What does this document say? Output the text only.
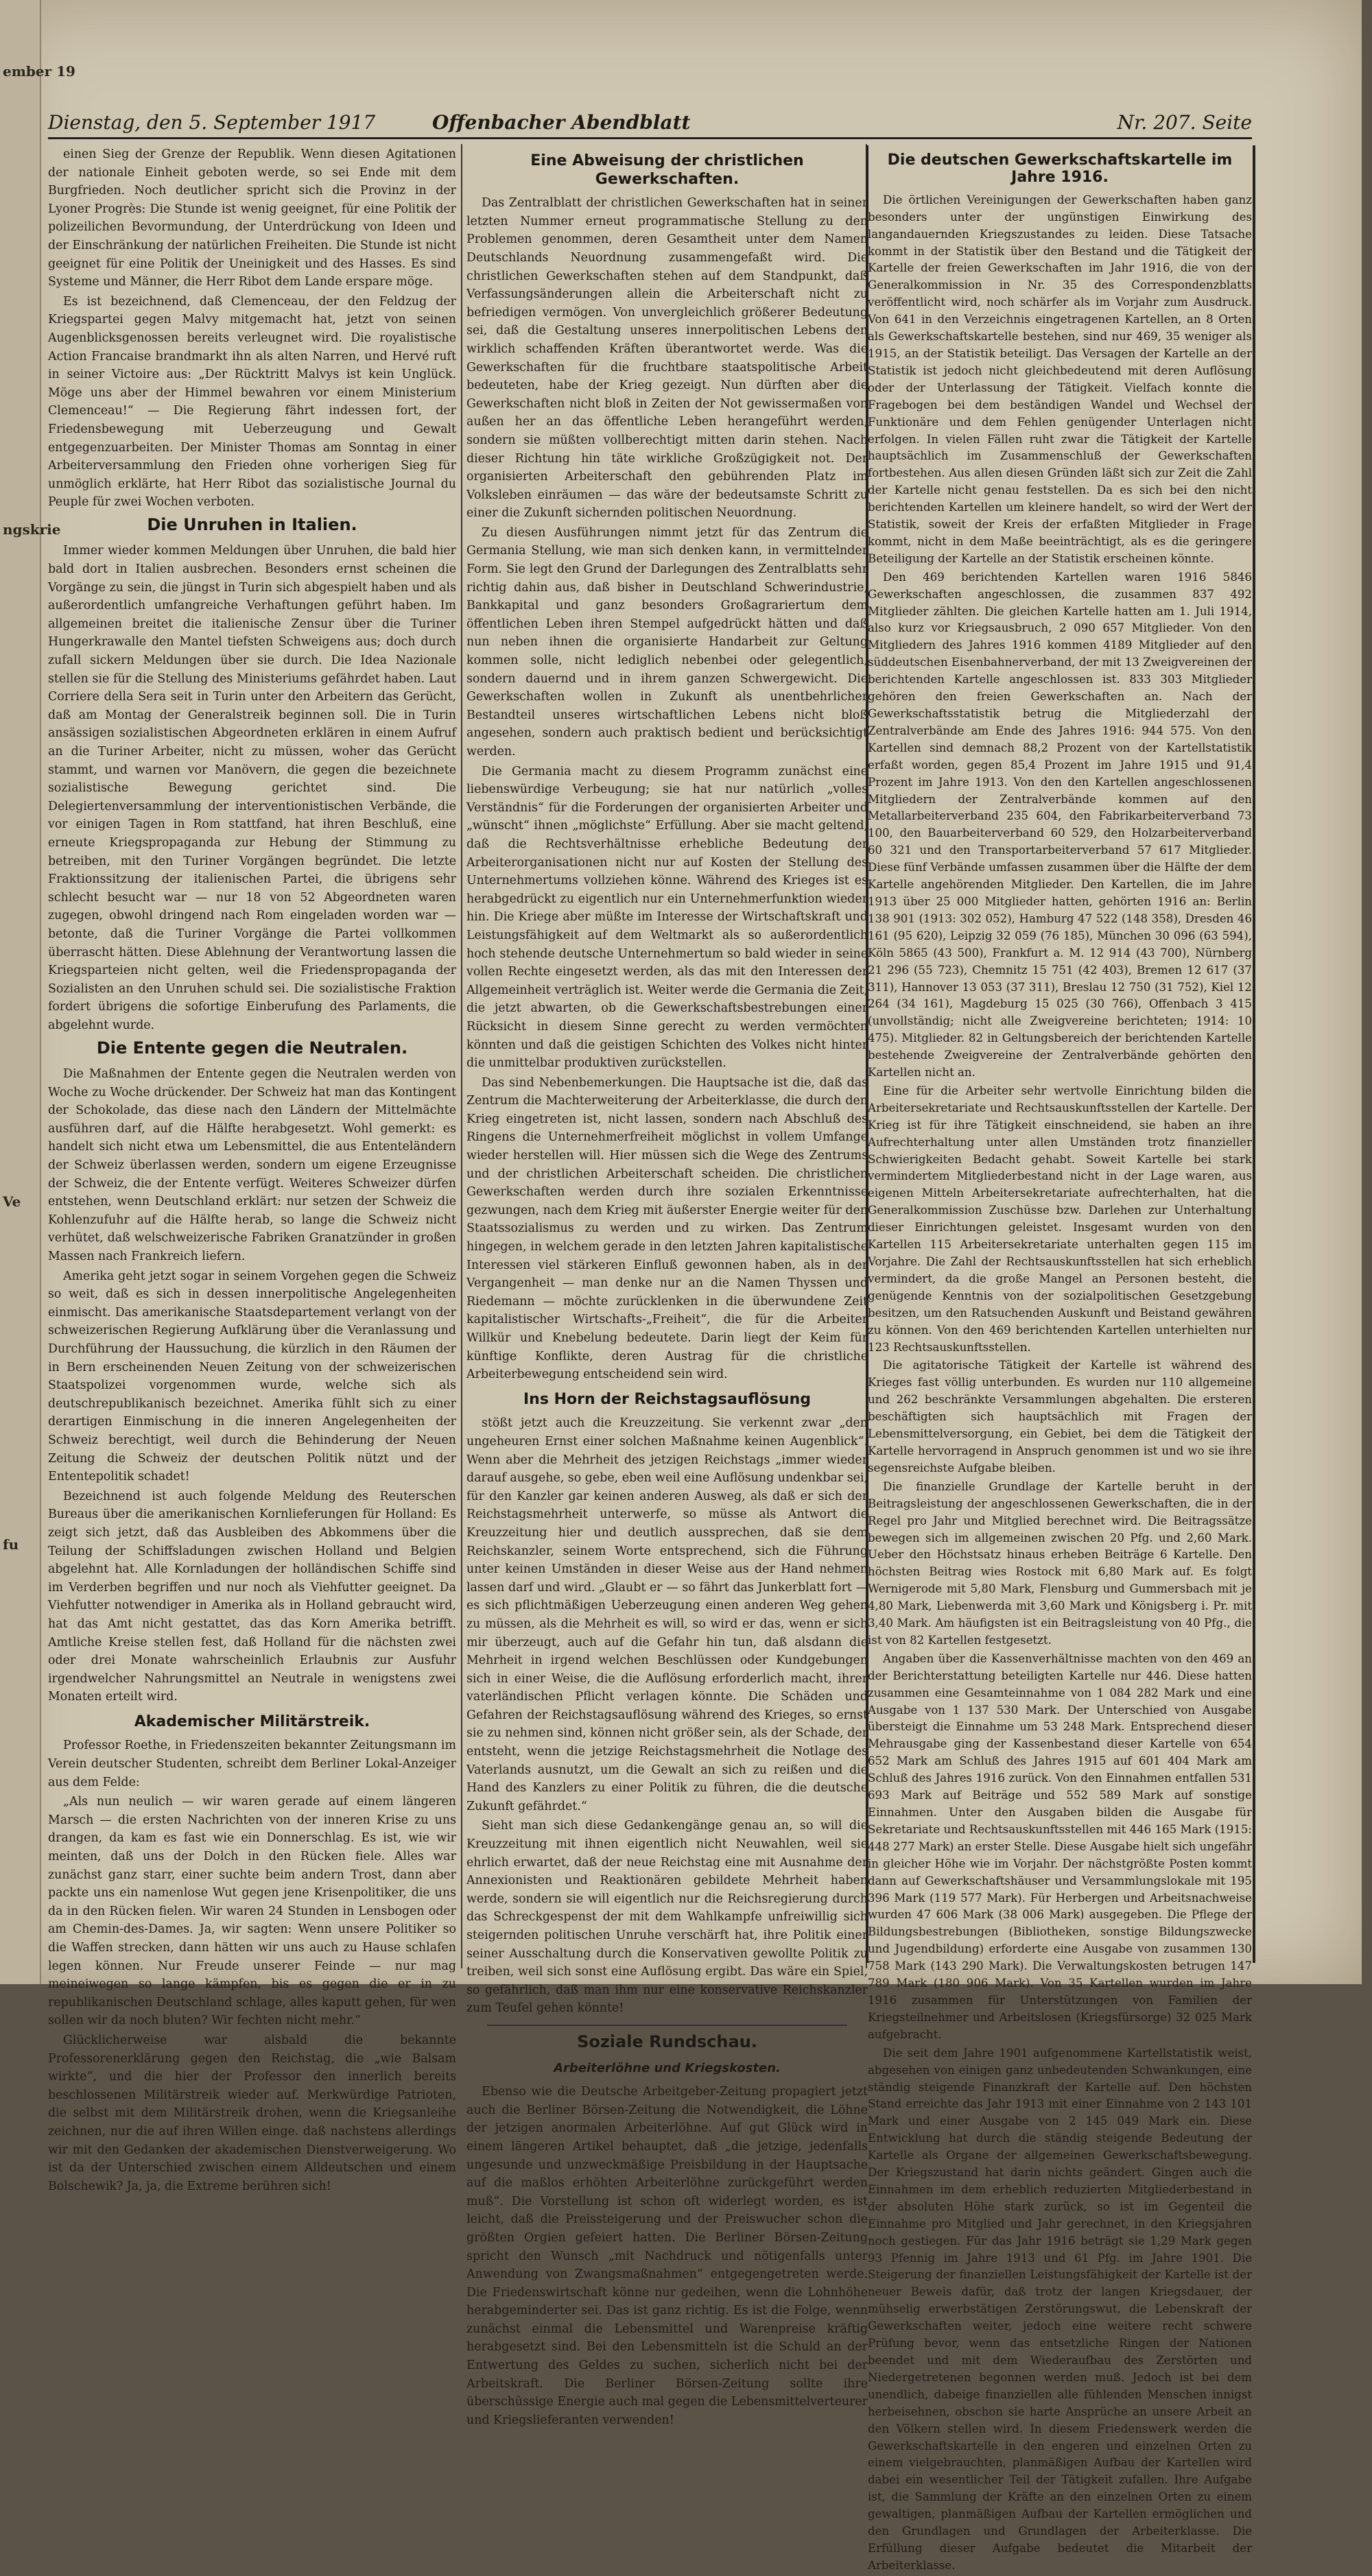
ember 19
ngskrie
Ve
fu
Dienstag, den 5. September 1917	Offenbacher Abendblatt	Nr. 207. Seite

einen Sieg der Grenze der Republik. Wenn diesen Agitationen der nationale Einheit geboten werde, so sei Ende mit dem Burgfrieden. Noch deutlicher spricht sich die Provinz in der Lyoner Progrès: Die Stunde ist wenig geeignet, für eine Politik der polizeilichen Bevormundung, der Unterdrückung von Ideen und der Einschränkung der natürlichen Freiheiten. Die Stunde ist nicht geeignet für eine Politik der Uneinigkeit und des Hasses. Es sind Systeme und Männer, die Herr Ribot dem Lande erspare möge.

Es ist bezeichnend, daß Clemenceau, der den Feldzug der Kriegspartei gegen Malvy mitgemacht hat, jetzt von seinen Augenblicksgenossen bereits verleugnet wird. Die royalistische Action Francaise brandmarkt ihn als alten Narren, und Hervé ruft in seiner Victoire aus: „Der Rücktritt Malvys ist kein Unglück. Möge uns aber der Himmel bewahren vor einem Ministerium Clemenceau!“ — Die Regierung fährt indessen fort, der Friedensbewegung mit Ueberzeugung und Gewalt entgegenzuarbeiten. Der Minister Thomas am Sonntag in einer Arbeiterversammlung den Frieden ohne vorherigen Sieg für unmöglich erklärte, hat Herr Ribot das sozialistische Journal du Peuple für zwei Wochen verboten.

Die Unruhen in Italien.

Immer wieder kommen Meldungen über Unruhen, die bald hier bald dort in Italien ausbrechen. Besonders ernst scheinen die Vorgänge zu sein, die jüngst in Turin sich abgespielt haben und als außerordentlich umfangreiche Verhaftungen geführt haben. Im allgemeinen breitet die italienische Zensur über die Turiner Hungerkrawalle den Mantel tiefsten Schweigens aus; doch durch zufall sickern Meldungen über sie durch. Die Idea Nazionale stellen sie für die Stellung des Ministeriums gefährdet haben. Laut Corriere della Sera seit in Turin unter den Arbeitern das Gerücht, daß am Montag der Generalstreik beginnen soll. Die in Turin ansässigen sozialistischen Abgeordneten erklären in einem Aufruf an die Turiner Arbeiter, nicht zu müssen, woher das Gerücht stammt, und warnen vor Manövern, die gegen die bezeichnete sozialistische Bewegung gerichtet sind. Die Delegiertenversammlung der interventionistischen Verbände, die vor einigen Tagen in Rom stattfand, hat ihren Beschluß, eine erneute Kriegspropaganda zur Hebung der Stimmung zu betreiben, mit den Turiner Vorgängen begründet. Die letzte Fraktionssitzung der italienischen Partei, die übrigens sehr schlecht besucht war — nur 18 von 52 Abgeordneten waren zugegen, obwohl dringend nach Rom eingeladen worden war — betonte, daß die Turiner Vorgänge die Partei vollkommen überrascht hätten. Diese Ablehnung der Verantwortung lassen die Kriegsparteien nicht gelten, weil die Friedenspropaganda der Sozialisten an den Unruhen schuld sei. Die sozialistische Fraktion fordert übrigens die sofortige Einberufung des Parlaments, die abgelehnt wurde.

Die Entente gegen die Neutralen.

Die Maßnahmen der Entente gegen die Neutralen werden von Woche zu Woche drückender. Der Schweiz hat man das Kontingent der Schokolade, das diese nach den Ländern der Mittelmächte ausführen darf, auf die Hälfte herabgesetzt. Wohl gemerkt: es handelt sich nicht etwa um Lebensmittel, die aus Ententeländern der Schweiz überlassen werden, sondern um eigene Erzeugnisse der Schweiz, die der Entente verfügt. Weiteres Schweizer dürfen entstehen, wenn Deutschland erklärt: nur setzen der Schweiz die Kohlenzufuhr auf die Hälfte herab, so lange die Schweiz nicht verhütet, daß welschweizerische Fabriken Granatzünder in großen Massen nach Frankreich liefern.

Amerika geht jetzt sogar in seinem Vorgehen gegen die Schweiz so weit, daß es sich in dessen innerpolitische Angelegenheiten einmischt. Das amerikanische Staatsdepartement verlangt von der schweizerischen Regierung Aufklärung über die Veranlassung und Durchführung der Haussuchung, die kürzlich in den Räumen der in Bern erscheinenden Neuen Zeitung von der schweizerischen Staatspolizei vorgenommen wurde, welche sich als deutschrepublikanisch bezeichnet. Amerika fühlt sich zu einer derartigen Einmischung in die inneren Angelegenheiten der Schweiz berechtigt, weil durch die Behinderung der Neuen Zeitung die Schweiz der deutschen Politik nützt und der Ententepolitik schadet!

Bezeichnend ist auch folgende Meldung des Reuterschen Bureaus über die amerikanischen Kornlieferungen für Holland: Es zeigt sich jetzt, daß das Ausbleiben des Abkommens über die Teilung der Schiffsladungen zwischen Holland und Belgien abgelehnt hat. Alle Kornladungen der holländischen Schiffe sind im Verderben begriffen und nur noch als Viehfutter geeignet. Da Viehfutter notwendiger in Amerika als in Holland gebraucht wird, hat das Amt nicht gestattet, das das Korn Amerika betrifft. Amtliche Kreise stellen fest, daß Holland für die nächsten zwei oder drei Monate wahrscheinlich Erlaubnis zur Ausfuhr irgendwelcher Nahrungsmittel an Neutrale in wenigstens zwei Monaten erteilt wird.

Akademischer Militärstreik.

Professor Roethe, in Friedenszeiten bekannter Zeitungsmann im Verein deutscher Studenten, schreibt dem Berliner Lokal-Anzeiger aus dem Felde:

„Als nun neulich — wir waren gerade auf einem längeren Marsch — die ersten Nachrichten von der inneren Krise zu uns drangen, da kam es fast wie ein Donnerschlag. Es ist, wie wir meinten, daß uns der Dolch in den Rücken fiele. Alles war zunächst ganz starr, einer suchte beim andern Trost, dann aber packte uns ein namenlose Wut gegen jene Krisenpolitiker, die uns da in den Rücken fielen. Wir waren 24 Stunden in Lensbogen oder am Chemin-des-Dames. Ja, wir sagten: Wenn unsere Politiker so die Waffen strecken, dann hätten wir uns auch zu Hause schlafen legen können. Nur Freude unserer Feinde — nur mag meineiwegen so lange kämpfen, bis es gegen die er in zu republikanischen Deutschland schlage, alles kaputt gehen, für wen sollen wir da noch bluten? Wir fechten nicht mehr.“

Glücklicherweise war alsbald die bekannte Professorenerklärung gegen den Reichstag, die „wie Balsam wirkte“, und die hier der Professor den innerlich bereits beschlossenen Militärstreik wieder auf. Merkwürdige Patrioten, die selbst mit dem Militärstreik drohen, wenn die Kriegsanleihe zeichnen, nur die auf ihren Willen einge. daß nachstens allerdings wir mit den Gedanken der akademischen Dienstverweigerung. Wo ist da der Unterschied zwischen einem Alldeutschen und einem Bolschewik? Ja, ja, die Extreme berühren sich!

Eine Abweisung der christlichen Gewerkschaften.

Das Zentralblatt der christlichen Gewerkschaften hat in seiner letzten Nummer erneut programmatische Stellung zu den Problemen genommen, deren Gesamtheit unter dem Namen Deutschlands Neuordnung zusammengefaßt wird. Die christlichen Gewerkschaften stehen auf dem Standpunkt, daß Verfassungsänderungen allein die Arbeiterschaft nicht zu befriedigen vermögen. Von unvergleichlich größerer Bedeutung sei, daß die Gestaltung unseres innerpolitischen Lebens den wirklich schaffenden Kräften überantwortet werde. Was die Gewerkschaften für die fruchtbare staatspolitische Arbeit bedeuteten, habe der Krieg gezeigt. Nun dürften aber die Gewerkschaften nicht bloß in Zeiten der Not gewissermaßen von außen her an das öffentliche Leben herangeführt werden, sondern sie müßten vollberechtigt mitten darin stehen. Nach dieser Richtung hin täte wirkliche Großzügigkeit not. Der organisierten Arbeiterschaft den gebührenden Platz im Volksleben einräumen — das wäre der bedeutsamste Schritt zu einer die Zukunft sichernden politischen Neuordnung.

Zu diesen Ausführungen nimmt jetzt für das Zentrum die Germania Stellung, wie man sich denken kann, in vermittelnder Form. Sie legt den Grund der Darlegungen des Zentralblatts sehr richtig dahin aus, daß bisher in Deutschland Schwerindustrie, Bankkapital und ganz besonders Großagrariertum dem öffentlichen Leben ihren Stempel aufgedrückt hätten und daß nun neben ihnen die organisierte Handarbeit zur Geltung kommen solle, nicht lediglich nebenbei oder gelegentlich, sondern dauernd und in ihrem ganzen Schwergewicht. Die Gewerkschaften wollen in Zukunft als unentbehrlicher Bestandteil unseres wirtschaftlichen Lebens nicht bloß angesehen, sondern auch praktisch bedient und berücksichtigt werden.

Die Germania macht zu diesem Programm zunächst eine liebenswürdige Verbeugung; sie hat nur natürlich „volles Verständnis“ für die Forderungen der organisierten Arbeiter und „wünscht“ ihnen „möglichste“ Erfüllung. Aber sie macht geltend, daß die Rechtsverhältnisse erhebliche Bedeutung der Arbeiterorganisationen nicht nur auf Kosten der Stellung des Unternehmertums vollziehen könne. Während des Krieges ist es herabgedrückt zu eigentlich nur ein Unternehmerfunktion wieder hin. Die Kriege aber müßte im Interesse der Wirtschaftskraft und Leistungsfähigkeit auf dem Weltmarkt als so außerordentlich hoch stehende deutsche Unternehmertum so bald wieder in seine vollen Rechte eingesetzt werden, als das mit den Interessen der Allgemeinheit verträglich ist. Weiter werde die Germania die Zeit, die jetzt abwarten, ob die Gewerkschaftsbestrebungen einer Rücksicht in diesem Sinne gerecht zu werden vermöchten könnten und daß die geistigen Schichten des Volkes nicht hinter die unmittelbar produktiven zurückstellen.

Das sind Nebenbemerkungen. Die Hauptsache ist die, daß das Zentrum die Machterweiterung der Arbeiterklasse, die durch den Krieg eingetreten ist, nicht lassen, sondern nach Abschluß des Ringens die Unternehmerfreiheit möglichst in vollem Umfange wieder herstellen will. Hier müssen sich die Wege des Zentrums und der christlichen Arbeiterschaft scheiden. Die christlichen Gewerkschaften werden durch ihre sozialen Erkenntnisse gezwungen, nach dem Krieg mit äußerster Energie weiter für den Staatssozialismus zu werden und zu wirken. Das Zentrum hingegen, in welchem gerade in den letzten Jahren kapitalistische Interessen viel stärkeren Einfluß gewonnen haben, als in der Vergangenheit — man denke nur an die Namen Thyssen und Riedemann — möchte zurücklenken in die überwundene Zeit kapitalistischer Wirtschafts-„Freiheit“, die für die Arbeiter Willkür und Knebelung bedeutete. Darin liegt der Keim für künftige Konflikte, deren Austrag für die christliche Arbeiterbewegung entscheidend sein wird.

Ins Horn der Reichstagsauflösung

stößt jetzt auch die Kreuzzeitung. Sie verkennt zwar „den ungeheuren Ernst einer solchen Maßnahme keinen Augenblick“. Wenn aber die Mehrheit des jetzigen Reichstags „immer wieder darauf ausgehe, so gebe, eben weil eine Auflösung undenkbar sei, für den Kanzler gar keinen anderen Ausweg, als daß er sich der Reichstagsmehrheit unterwerfe, so müsse als Antwort die Kreuzzeitung hier und deutlich aussprechen, daß sie dem Reichskanzler, seinem Worte entsprechend, sich die Führung unter keinen Umständen in dieser Weise aus der Hand nehmen lassen darf und wird. „Glaubt er — so fährt das Junkerblatt fort — es sich pflichtmäßigen Ueberzeugung einen anderen Weg gehen zu müssen, als die Mehrheit es will, so wird er das, wenn er sich mir überzeugt, auch auf die Gefahr hin tun, daß alsdann die Mehrheit in irgend welchen Beschlüssen oder Kundgebungen sich in einer Weise, die die Auflösung erforderlich macht, ihrer vaterländischen Pflicht verlagen könnte. Die Schäden und Gefahren der Reichstagsauflösung während des Krieges, so ernst sie zu nehmen sind, können nicht größer sein, als der Schade, der entsteht, wenn die jetzige Reichstagsmehrheit die Notlage des Vaterlands ausnutzt, um die Gewalt an sich zu reißen und die Hand des Kanzlers zu einer Politik zu führen, die die deutsche Zukunft gefährdet.“

Sieht man sich diese Gedankengänge genau an, so will die Kreuzzeitung mit ihnen eigentlich nicht Neuwahlen, weil sie ehrlich erwartet, daß der neue Reichstag eine mit Ausnahme der Annexionisten und Reaktionären gebildete Mehrheit haben werde, sondern sie will eigentlich nur die Reichsregierung durch das Schreckgespenst der mit dem Wahlkampfe unfreiwillig sich steigernden politischen Unruhe verschärft hat, ihre Politik einer seiner Ausschaltung durch die Konservativen gewollte Politik zu treiben, weil sich sonst eine Auflösung ergibt. Das wäre ein Spiel, so gefährlich, daß man ihm nur eine konservative Reichskanzler zum Teufel gehen könnte!

Soziale Rundschau.
Arbeiterlöhne und Kriegskosten.

Ebenso wie die Deutsche Arbeitgeber-Zeitung propagiert jetzt auch die Berliner Börsen-Zeitung die Notwendigkeit, die Löhne der jetzigen anormalen Arbeiterlöhne. Auf gut Glück wird in einem längeren Artikel behauptet, daß „die jetzige, jedenfalls ungesunde und unzweckmäßige Preisbildung in der Hauptsache auf die maßlos erhöhten Arbeiterlöhne zurückgeführt werden muß“. Die Vorstellung ist schon oft widerlegt worden, es ist leicht, daß die Preissteigerung und der Preiswucher schon die größten Orgien gefeiert hatten. Die Berliner Börsen-Zeitung spricht den Wunsch „mit Nachdruck und nötigenfalls unter Anwendung von Zwangsmaßnahmen“ entgegengetreten werde. Die Friedenswirtschaft könne nur gedeihen, wenn die Lohnhöhe herabgeminderter sei. Das ist ganz richtig. Es ist die Folge, wenn zunächst einmal die Lebensmittel und Warenpreise kräftig herabgesetzt sind. Bei den Lebensmitteln ist die Schuld an der Entwertung des Geldes zu suchen, sicherlich nicht bei der Arbeitskraft. Die Berliner Börsen-Zeitung sollte ihre überschüssige Energie auch mal gegen die Lebensmittelverteurer und Kriegslieferanten verwenden!

Die deutschen Gewerkschaftskartelle im Jahre 1916.

Die örtlichen Vereinigungen der Gewerkschaften haben ganz besonders unter der ungünstigen Einwirkung des langandauernden Kriegszustandes zu leiden. Diese Tatsache kommt in der Statistik über den Bestand und die Tätigkeit der Kartelle der freien Gewerkschaften im Jahr 1916, die von der Generalkommission in Nr. 35 des Correspondenzblatts veröffentlicht wird, noch schärfer als im Vorjahr zum Ausdruck. Von 641 in den Verzeichnis eingetragenen Kartellen, an 8 Orten als Gewerkschaftskartelle bestehen, sind nur 469, 35 weniger als 1915, an der Statistik beteiligt. Das Versagen der Kartelle an der Statistik ist jedoch nicht gleichbedeutend mit deren Auflösung oder der Unterlassung der Tätigkeit. Vielfach konnte die Fragebogen bei dem beständigen Wandel und Wechsel der Funktionäre und dem Fehlen genügender Unterlagen nicht erfolgen. In vielen Fällen ruht zwar die Tätigkeit der Kartelle hauptsächlich im Zusammenschluß der Gewerkschaften fortbestehen. Aus allen diesen Gründen läßt sich zur Zeit die Zahl der Kartelle nicht genau feststellen. Da es sich bei den nicht berichtenden Kartellen um kleinere handelt, so wird der Wert der Statistik, soweit der Kreis der erfaßten Mitglieder in Frage kommt, nicht in dem Maße beeinträchtigt, als es die geringere Beteiligung der Kartelle an der Statistik erscheinen könnte.

Den 469 berichtenden Kartellen waren 1916 5846 Gewerkschaften angeschlossen, die zusammen 837 492 Mitglieder zählten. Die gleichen Kartelle hatten am 1. Juli 1914, also kurz vor Kriegsausbruch, 2 090 657 Mitglieder. Von den Mitgliedern des Jahres 1916 kommen 4189 Mitglieder auf den süddeutschen Eisenbahnerverband, der mit 13 Zweigvereinen der berichtenden Kartelle angeschlossen ist. 833 303 Mitglieder gehören den freien Gewerkschaften an. Nach der Gewerkschaftsstatistik betrug die Mitgliederzahl der Zentralverbände am Ende des Jahres 1916: 944 575. Von den Kartellen sind demnach 88,2 Prozent von der Kartellstatistik erfaßt worden, gegen 85,4 Prozent im Jahre 1915 und 91,4 Prozent im Jahre 1913. Von den den Kartellen angeschlossenen Mitgliedern der Zentralverbände kommen auf den Metallarbeiterverband 235 604, den Fabrikarbeiterverband 73 100, den Bauarbeiterverband 60 529, den Holzarbeiterverband 60 321 und den Transportarbeiterverband 57 617 Mitglieder. Diese fünf Verbände umfassen zusammen über die Hälfte der dem Kartelle angehörenden Mitglieder. Den Kartellen, die im Jahre 1913 über 25 000 Mitglieder hatten, gehörten 1916 an: Berlin 138 901 (1913: 302 052), Hamburg 47 522 (148 358), Dresden 46 161 (95 620), Leipzig 32 059 (76 185), München 30 096 (63 594), Köln 5865 (43 500), Frankfurt a. M. 12 914 (43 700), Nürnberg 21 296 (55 723), Chemnitz 15 751 (42 403), Bremen 12 617 (37 311), Hannover 13 053 (37 311), Breslau 12 750 (31 752), Kiel 12 264 (34 161), Magdeburg 15 025 (30 766), Offenbach 3 415 (unvollständig; nicht alle Zweigvereine berichteten; 1914: 10 475). Mitglieder. 82 in Geltungsbereich der berichtenden Kartelle bestehende Zweigvereine der Zentralverbände gehörten den Kartellen nicht an.

Eine für die Arbeiter sehr wertvolle Einrichtung bilden die Arbeitersekretariate und Rechtsauskunftsstellen der Kartelle. Der Krieg ist für ihre Tätigkeit einschneidend, sie haben an ihre Aufrechterhaltung unter allen Umständen trotz finanzieller Schwierigkeiten Bedacht gehabt. Soweit Kartelle bei stark vermindertem Mitgliederbestand nicht in der Lage waren, aus eigenen Mitteln Arbeitersekretariate aufrechterhalten, hat die Generalkommission Zuschüsse bzw. Darlehen zur Unterhaltung dieser Einrichtungen geleistet. Insgesamt wurden von den Kartellen 115 Arbeitersekretariate unterhalten gegen 115 im Vorjahre. Die Zahl der Rechtsauskunftsstellen hat sich erheblich vermindert, da die große Mangel an Personen besteht, die genügende Kenntnis von der sozialpolitischen Gesetzgebung besitzen, um den Ratsuchenden Auskunft und Beistand gewähren zu können. Von den 469 berichtenden Kartellen unterhielten nur 123 Rechtsauskunftsstellen.

Die agitatorische Tätigkeit der Kartelle ist während des Krieges fast völlig unterbunden. Es wurden nur 110 allgemeine und 262 beschränkte Versammlungen abgehalten. Die ersteren beschäftigten sich hauptsächlich mit Fragen der Lebensmittelversorgung, ein Gebiet, bei dem die Tätigkeit der Kartelle hervorragend in Anspruch genommen ist und wo sie ihre segensreichste Aufgabe bleiben.

Die finanzielle Grundlage der Kartelle beruht in der Beitragsleistung der angeschlossenen Gewerkschaften, die in der Regel pro Jahr und Mitglied berechnet wird. Die Beitragssätze bewegen sich im allgemeinen zwischen 20 Pfg. und 2,60 Mark. Ueber den Höchstsatz hinaus erheben Beiträge 6 Kartelle. Den höchsten Beitrag wies Rostock mit 6,80 Mark auf. Es folgt Wernigerode mit 5,80 Mark, Flensburg und Gummersbach mit je 4,80 Mark, Liebenwerda mit 3,60 Mark und Königsberg i. Pr. mit 3,40 Mark. Am häufigsten ist ein Beitragsleistung von 40 Pfg., die ist von 82 Kartellen festgesetzt.

Angaben über die Kassenverhältnisse machten von den 469 an der Berichterstattung beteiligten Kartelle nur 446. Diese hatten zusammen eine Gesamteinnahme von 1 084 282 Mark und eine Ausgabe von 1 137 530 Mark. Der Unterschied von Ausgabe übersteigt die Einnahme um 53 248 Mark. Entsprechend dieser Mehrausgabe ging der Kassenbestand dieser Kartelle von 654 652 Mark am Schluß des Jahres 1915 auf 601 404 Mark am Schluß des Jahres 1916 zurück. Von den Einnahmen entfallen 531 693 Mark auf Beiträge und 552 589 Mark auf sonstige Einnahmen. Unter den Ausgaben bilden die Ausgabe für Sekretariate und Rechtsauskunftsstellen mit 446 165 Mark (1915: 448 277 Mark) an erster Stelle. Diese Ausgabe hielt sich ungefähr in gleicher Höhe wie im Vorjahr. Der nächstgrößte Posten kommt dann auf Gewerkschaftshäuser und Versammlungslokale mit 195 396 Mark (119 577 Mark). Für Herbergen und Arbeitsnachweise wurden 47 606 Mark (38 006 Mark) ausgegeben. Die Pflege der Bildungsbestrebungen (Bibliotheken, sonstige Bildungszwecke und Jugendbildung) erforderte eine Ausgabe von zusammen 130 758 Mark (143 290 Mark). Die Verwaltungskosten betrugen 147 789 Mark (180 906 Mark). Von 35 Kartellen wurden im Jahre 1916 zusammen für Unterstützungen von Familien der Kriegsteilnehmer und Arbeitslosen (Kriegsfürsorge) 32 025 Mark aufgebracht.

Die seit dem Jahre 1901 aufgenommene Kartellstatistik weist, abgesehen von einigen ganz unbedeutenden Schwankungen, eine ständig steigende Finanzkraft der Kartelle auf. Den höchsten Stand erreichte das Jahr 1913 mit einer Einnahme von 2 143 101 Mark und einer Ausgabe von 2 145 049 Mark ein. Diese Entwicklung hat durch die ständig steigende Bedeutung der Kartelle als Organe der allgemeinen Gewerkschaftsbewegung. Der Kriegszustand hat darin nichts geändert. Gingen auch die Einnahmen im dem erheblich reduzierten Mitgliederbestand in der absoluten Höhe stark zurück, so ist im Gegenteil die Einnahme pro Mitglied und Jahr gerechnet, in den Kriegsjahren noch gestiegen. Für das Jahr 1916 beträgt sie 1,29 Mark gegen 93 Pfennig im Jahre 1913 und 61 Pfg. im Jahre 1901. Die Steigerung der finanziellen Leistungsfähigkeit der Kartelle ist der neuer Beweis dafür, daß trotz der langen Kriegsdauer, der mühselig erwerbstätigen Zerstörungswut, die Lebenskraft der Gewerkschaften weiter, jedoch eine weitere recht schwere Prüfung bevor, wenn das entsetzliche Ringen der Nationen beendet und mit dem Wiederaufbau des Zerstörten und Niedergetretenen begonnen werden muß. Jedoch ist bei dem unendlich, dabeige finanziellen alle fühlenden Menschen innigst herbeisehnen, obschon sie harte Ansprüche an unsere Arbeit an den Völkern stellen wird. In diesem Friedenswerk werden die Gewerkschaftskartelle in den engeren und einzelnen Orten zu einem vielgebrauchten, planmäßigen Aufbau der Kartellen wird dabei ein wesentlicher Teil der Tätigkeit zufallen. Ihre Aufgabe ist, die Sammlung der Kräfte an den einzelnen Orten zu einem gewaltigen, planmäßigen Aufbau der Kartellen ermöglichen und den Grundlagen und Grundlagen der Arbeiterklasse. Die Erfüllung dieser Aufgabe bedeutet die Mitarbeit der Arbeiterklasse.
